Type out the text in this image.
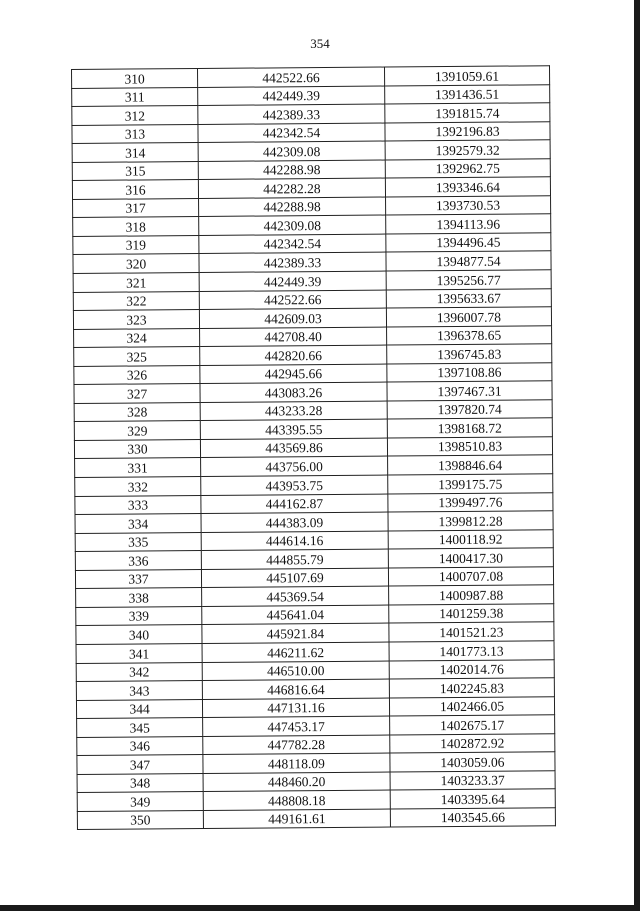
354
310	442522.66	1391059.61
311	442449.39	1391436.51
312	442389.33	1391815.74
313	442342.54	1392196.83
314	442309.08	1392579.32
315	442288.98	1392962.75
316	442282.28	1393346.64
317	442288.98	1393730.53
318	442309.08	1394113.96
319	442342.54	1394496.45
320	442389.33	1394877.54
321	442449.39	1395256.77
322	442522.66	1395633.67
323	442609.03	1396007.78
324	442708.40	1396378.65
325	442820.66	1396745.83
326	442945.66	1397108.86
327	443083.26	1397467.31
328	443233.28	1397820.74
329	443395.55	1398168.72
330	443569.86	1398510.83
331	443756.00	1398846.64
332	443953.75	1399175.75
333	444162.87	1399497.76
334	444383.09	1399812.28
335	444614.16	1400118.92
336	444855.79	1400417.30
337	445107.69	1400707.08
338	445369.54	1400987.88
339	445641.04	1401259.38
340	445921.84	1401521.23
341	446211.62	1401773.13
342	446510.00	1402014.76
343	446816.64	1402245.83
344	447131.16	1402466.05
345	447453.17	1402675.17
346	447782.28	1402872.92
347	448118.09	1403059.06
348	448460.20	1403233.37
349	448808.18	1403395.64
350	449161.61	1403545.66
